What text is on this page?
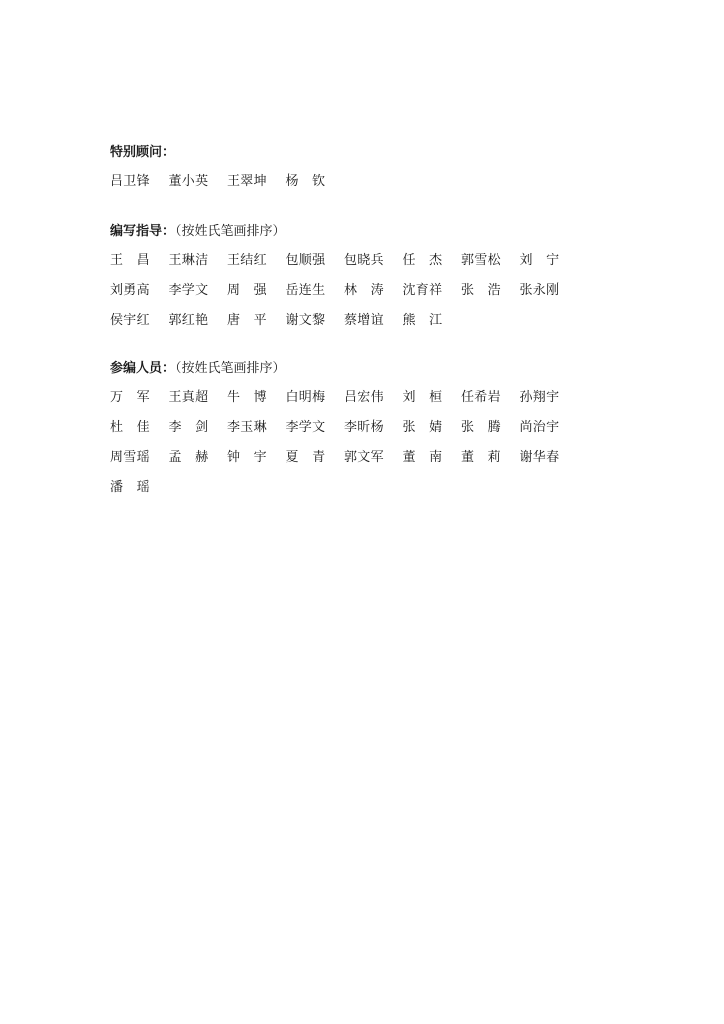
特别顾问：
吕卫锋	董小英	王翠坤	杨　钦
编写指导：（按姓氏笔画排序）
王　昌	王琳洁	王结红	包顺强	包晓兵	任　杰	郭雪松	刘　宁
刘勇高	李学文	周　强	岳连生	林　涛	沈育祥	张　浩	张永刚
侯宇红	郭红艳	唐　平	谢文黎	蔡增谊	熊　江
参编人员：（按姓氏笔画排序）
万　军	王真超	牛　博	白明梅	吕宏伟	刘　桓	任希岩	孙翔宇
杜　佳	李　剑	李玉琳	李学文	李昕杨	张　婧	张　腾	尚治宇
周雪瑶	孟　赫	钟　宇	夏　青	郭文军	董　南	董　莉	谢华春
潘　瑶
